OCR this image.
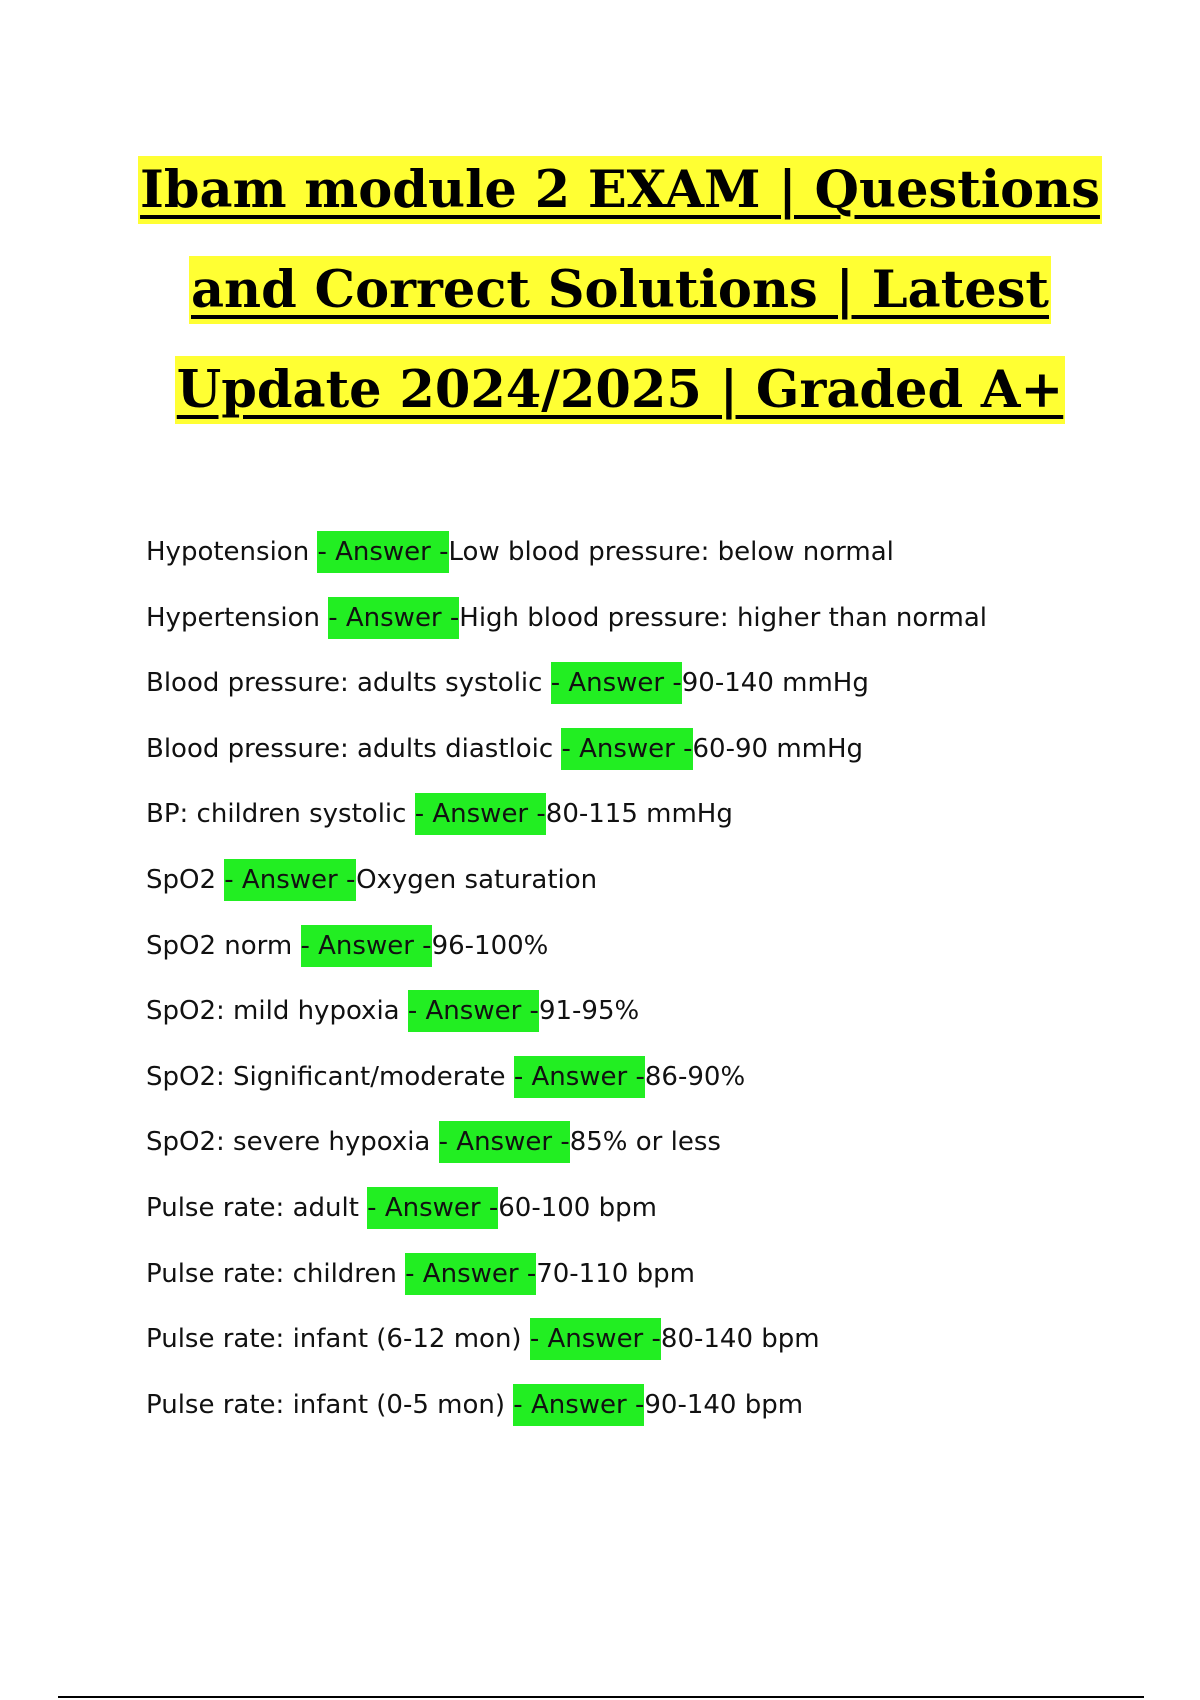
Ibam module 2 EXAM | Questions
and Correct Solutions | Latest
Update 2024/2025 | Graded A+
Hypotension - Answer -Low blood pressure: below normal
Hypertension - Answer -High blood pressure: higher than normal
Blood pressure: adults systolic - Answer -90-140 mmHg
Blood pressure: adults diastloic - Answer -60-90 mmHg
BP: children systolic - Answer -80-115 mmHg
SpO2 - Answer -Oxygen saturation
SpO2 norm - Answer -96-100%
SpO2: mild hypoxia - Answer -91-95%
SpO2: Significant/moderate - Answer -86-90%
SpO2: severe hypoxia - Answer -85% or less
Pulse rate: adult - Answer -60-100 bpm
Pulse rate: children - Answer -70-110 bpm
Pulse rate: infant (6-12 mon) - Answer -80-140 bpm
Pulse rate: infant (0-5 mon) - Answer -90-140 bpm
